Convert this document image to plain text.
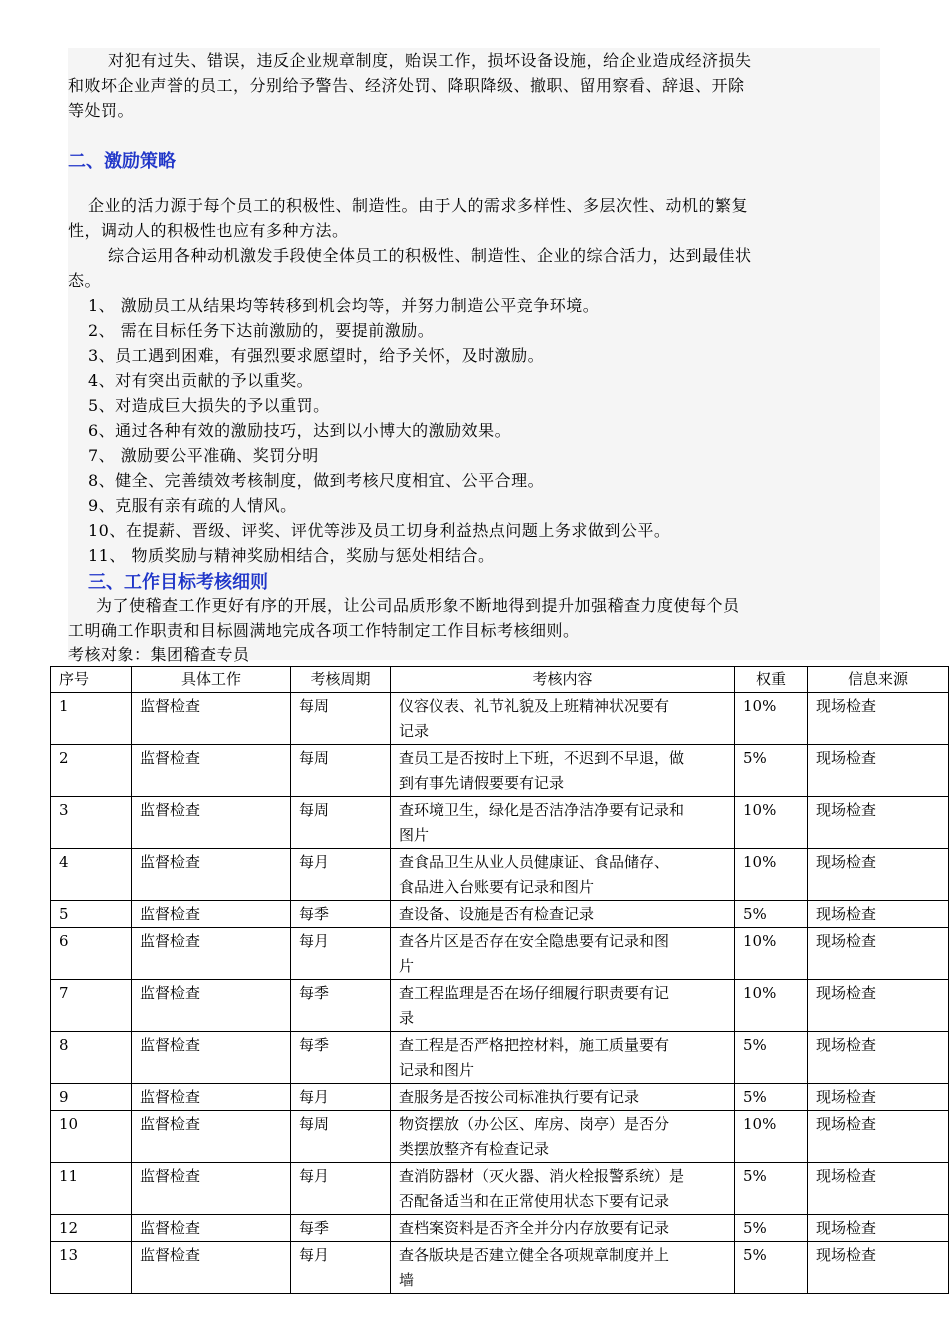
对犯有过失、错误，违反企业规章制度，贻误工作，损坏设备设施，给企业造成经济损失
和败坏企业声誉的员工，分别给予警告、经济处罚、降职降级、撤职、留用察看、辞退、开除
等处罚。
二、激励策略
企业的活力源于每个员工的积极性、制造性。由于人的需求多样性、多层次性、动机的繁复
性，调动人的积极性也应有多种方法。
综合运用各种动机激发手段使全体员工的积极性、制造性、企业的综合活力，达到最佳状
态。
1、 激励员工从结果均等转移到机会均等，并努力制造公平竞争环境。
2、 需在目标任务下达前激励的，要提前激励。
3、员工遇到困难，有强烈要求愿望时，给予关怀，及时激励。
4、对有突出贡献的予以重奖。
5、对造成巨大损失的予以重罚。
6、通过各种有效的激励技巧，达到以小博大的激励效果。
7、 激励要公平准确、奖罚分明
8、健全、完善绩效考核制度，做到考核尺度相宜、公平合理。
9、克服有亲有疏的人情风。
10、在提薪、晋级、评奖、评优等涉及员工切身利益热点问题上务求做到公平。
11、 物质奖励与精神奖励相结合，奖励与惩处相结合。
三、工作目标考核细则
为了使稽查工作更好有序的开展，让公司品质形象不断地得到提升加强稽查力度使每个员
工明确工作职责和目标圆满地完成各项工作特制定工作目标考核细则。
考核对象：集团稽查专员
序号	具体工作	考核周期	考核内容	权重	信息来源
1	监督检查	每周	仪容仪表、礼节礼貌及上班精神状况要有
记录	10%	现场检查
2	监督检查	每周	查员工是否按时上下班，不迟到不早退，做
到有事先请假要要有记录	5%	现场检查
3	监督检查	每周	查环境卫生，绿化是否洁净洁净要有记录和
图片	10%	现场检查
4	监督检查	每月	查食品卫生从业人员健康证、食品储存、
食品进入台账要有记录和图片	10%	现场检查
5	监督检查	每季	查设备、设施是否有检查记录	5%	现场检查
6	监督检查	每月	查各片区是否存在安全隐患要有记录和图
片	10%	现场检查
7	监督检查	每季	查工程监理是否在场仔细履行职责要有记
录	10%	现场检查
8	监督检查	每季	查工程是否严格把控材料，施工质量要有
记录和图片	5%	现场检查
9	监督检查	每月	查服务是否按公司标准执行要有记录	5%	现场检查
10	监督检查	每周	物资摆放（办公区、库房、岗亭）是否分
类摆放整齐有检查记录	10%	现场检查
11	监督检查	每月	查消防器材（灭火器、消火栓报警系统）是
否配备适当和在正常使用状态下要有记录	5%	现场检查
12	监督检查	每季	查档案资料是否齐全并分内存放要有记录	5%	现场检查
13	监督检查	每月	查各版块是否建立健全各项规章制度并上
墙	5%	现场检查
